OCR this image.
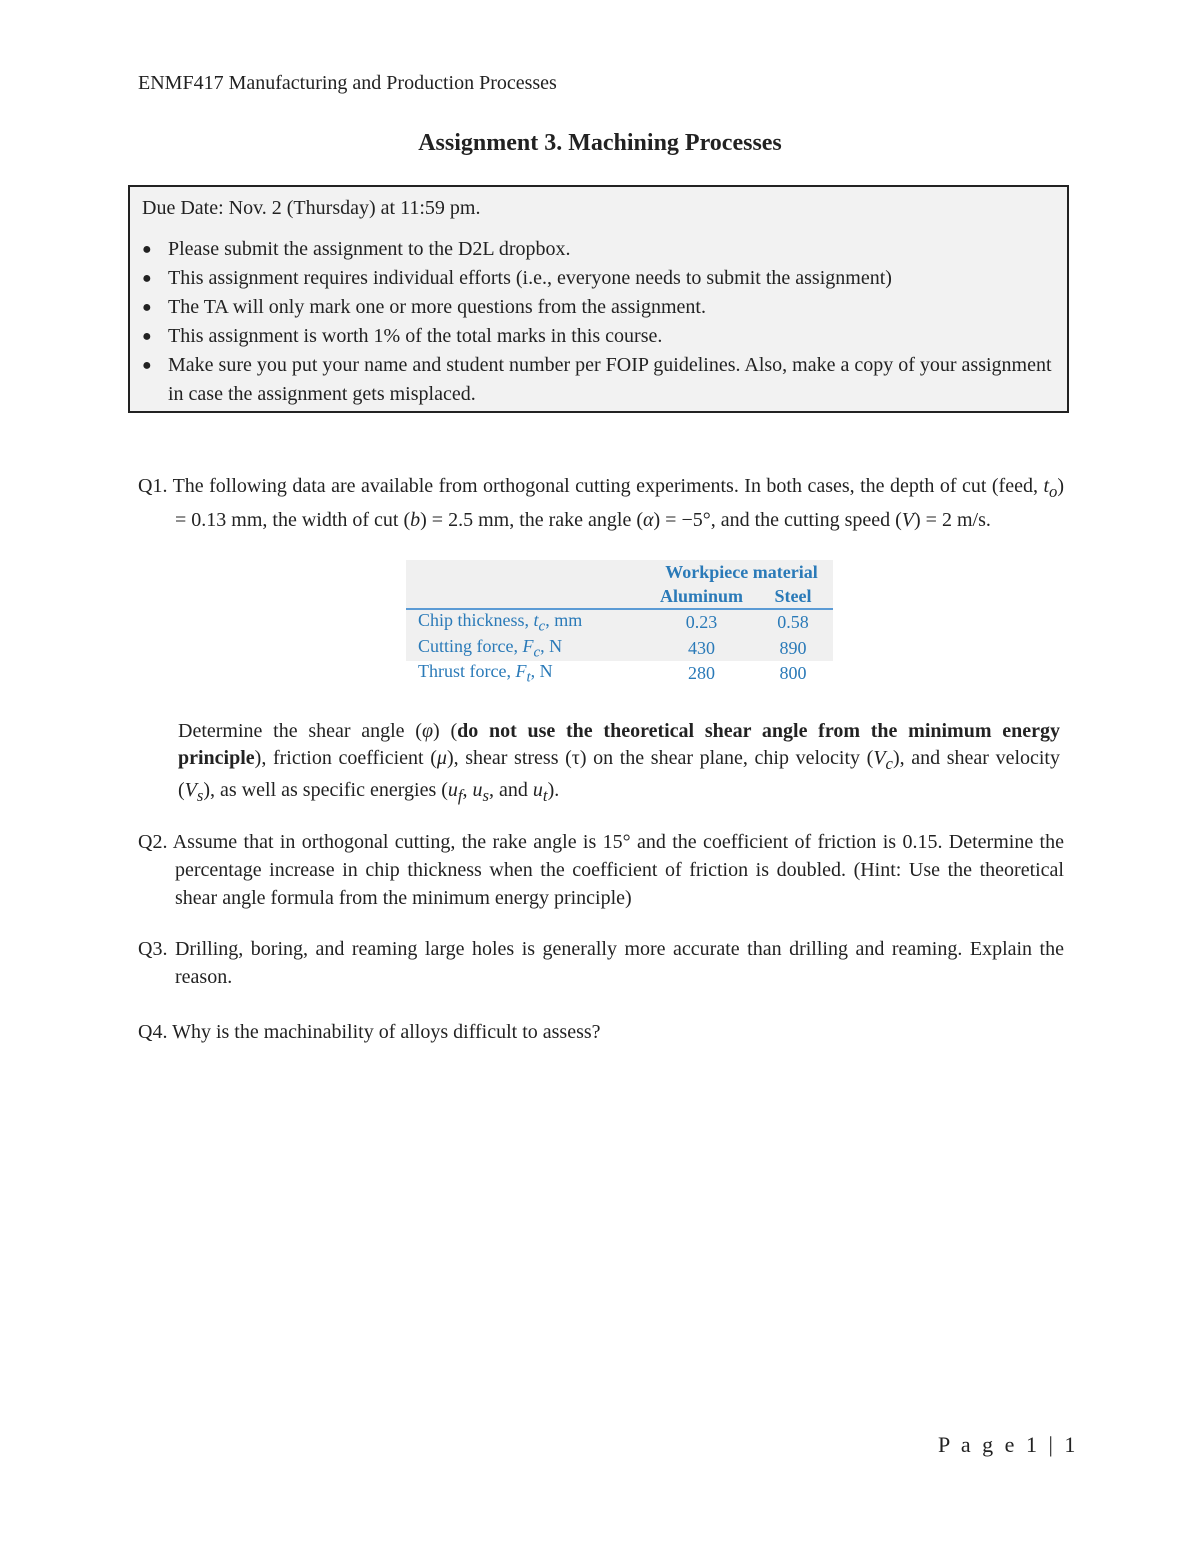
ENMF417 Manufacturing and Production Processes
Assignment 3. Machining Processes
Due Date: Nov. 2 (Thursday) at 11:59 pm.
● Please submit the assignment to the D2L dropbox.
● This assignment requires individual efforts (i.e., everyone needs to submit the assignment)
● The TA will only mark one or more questions from the assignment.
● This assignment is worth 1% of the total marks in this course.
● Make sure you put your name and student number per FOIP guidelines. Also, make a copy of your assignment in case the assignment gets misplaced.
Q1. The following data are available from orthogonal cutting experiments. In both cases, the depth of cut (feed, $t_o) = 0.13$ mm, the width of cut (b) = 2.5 mm, the rake angle (α) = −5°, and the cutting speed (V) = 2 m/s.
	Workpiece material	
	Aluminum	Steel
Chip thickness, $t_c$, mm	0.23	0.58
Cutting force, $F_c$, N	430	890
Thrust force, $F_t$, N	280	800
Determine the shear angle (φ) (do not use the theoretical shear angle from the minimum energy principle), friction coefficient (μ), shear stress (τ) on the shear plane, chip velocity $(V_c)$, and shear velocity $(V_s)$, as well as specific energies ($u_f$, $u_s$, and $u_t$).
Q2. Assume that in orthogonal cutting, the rake angle is 15° and the coefficient of friction is 0.15. Determine the percentage increase in chip thickness when the coefficient of friction is doubled. (Hint: Use the theoretical shear angle formula from the minimum energy principle)
Q3. Drilling, boring, and reaming large holes is generally more accurate than drilling and reaming. Explain the reason.
Q4. Why is the machinability of alloys difficult to assess?
P a g e 1 | 1
